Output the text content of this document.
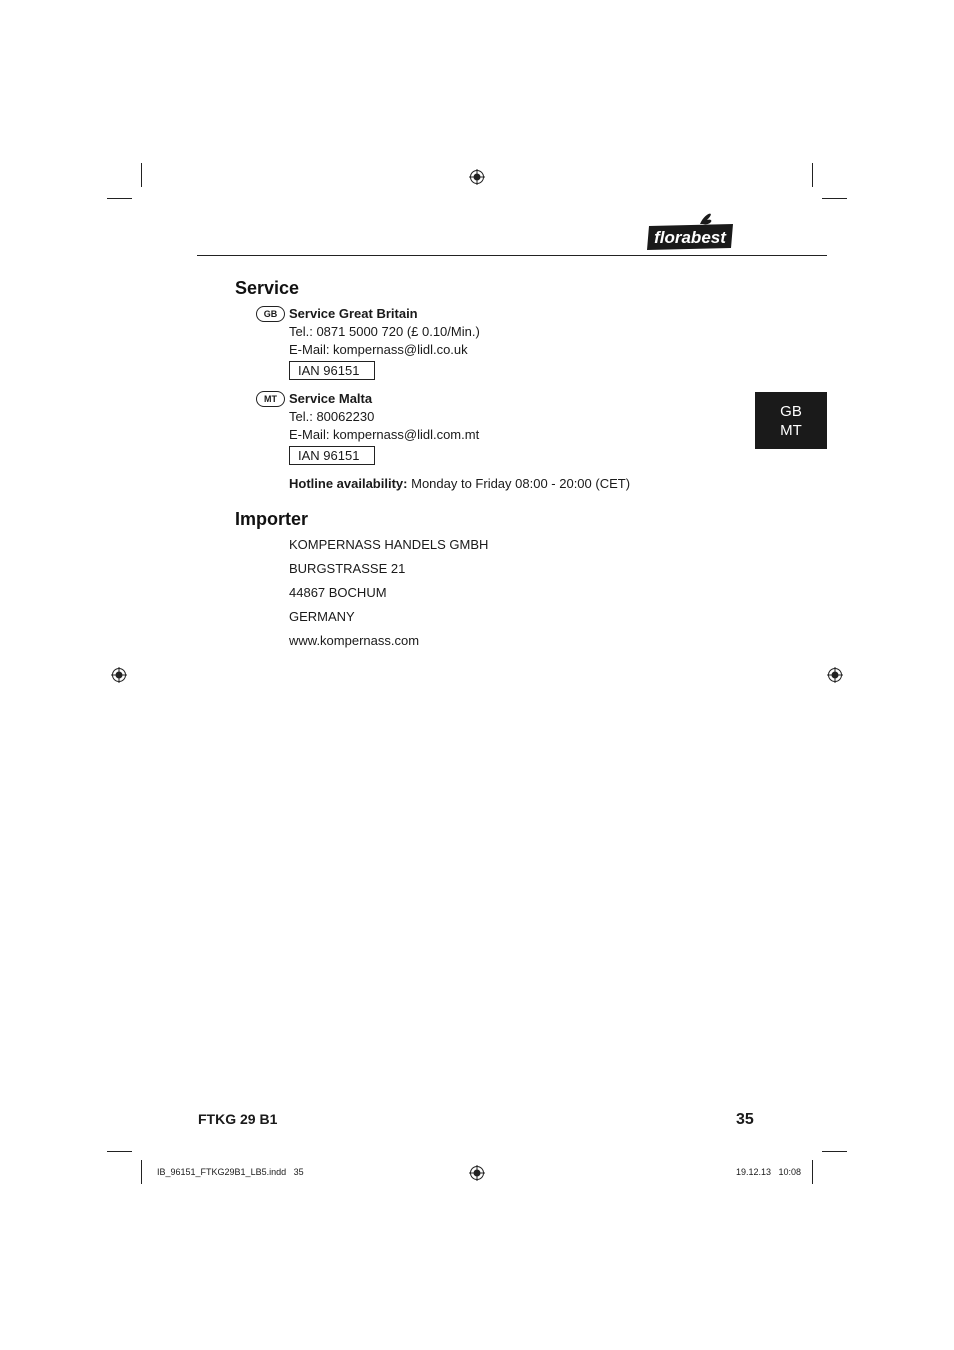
florabest
Service
GB Service Great Britain
Tel.: 0871 5000 720 (£ 0.10/Min.)
E-Mail: kompernass@lidl.co.uk
IAN 96151
MT Service Malta
Tel.: 80062230
E-Mail: kompernass@lidl.com.mt
IAN 96151
Hotline availability: Monday to Friday 08:00 - 20:00 (CET)
GB
MT
Importer
KOMPERNASS HANDELS GMBH
BURGSTRASSE 21
44867 BOCHUM
GERMANY
www.kompernass.com
FTKG 29 B1	35
IB_96151_FTKG29B1_LB5.indd   35	19.12.13   10:08
